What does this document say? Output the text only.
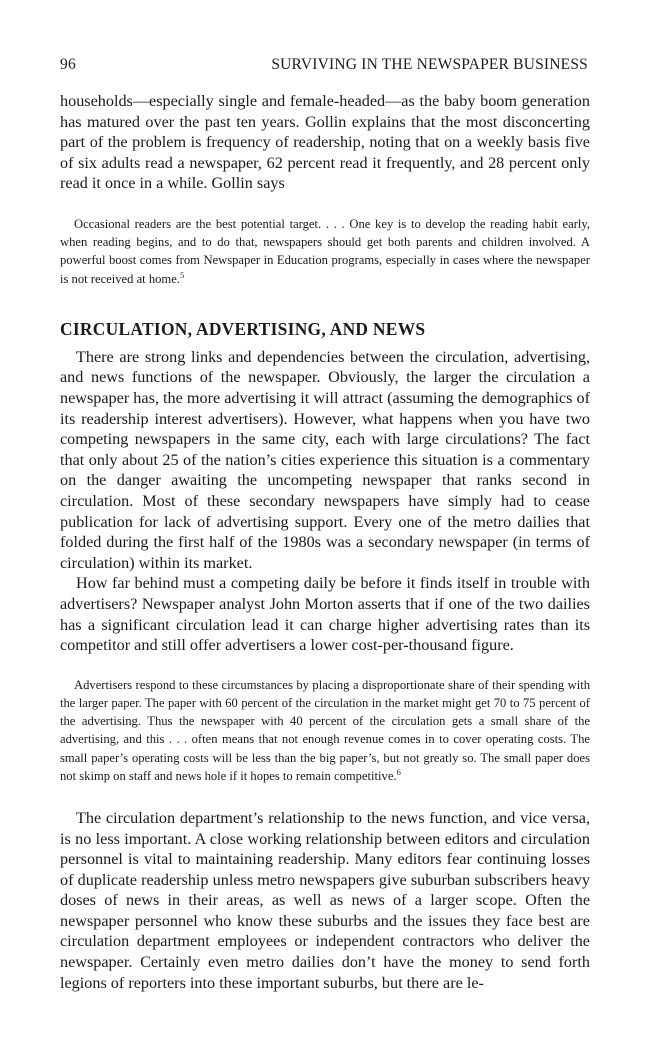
96	SURVIVING IN THE NEWSPAPER BUSINESS

households—especially single and female-headed—as the baby boom generation has matured over the past ten years. Gollin explains that the most disconcerting part of the problem is frequency of readership, noting that on a weekly basis five of six adults read a newspaper, 62 percent read it frequently, and 28 percent only read it once in a while. Gollin says

Occasional readers are the best potential target. . . . One key is to develop the reading habit early, when reading begins, and to do that, newspapers should get both parents and children involved. A powerful boost comes from Newspaper in Education programs, especially in cases where the newspaper is not received at home.$^5$

CIRCULATION, ADVERTISING, AND NEWS

There are strong links and dependencies between the circulation, advertising, and news functions of the newspaper. Obviously, the larger the circulation a newspaper has, the more advertising it will attract (assuming the demographics of its readership interest advertisers). However, what happens when you have two competing newspapers in the same city, each with large circulations? The fact that only about 25 of the nation’s cities experience this situation is a commentary on the danger awaiting the uncompeting newspaper that ranks second in circulation. Most of these secondary newspapers have simply had to cease publication for lack of advertising support. Every one of the metro dailies that folded during the first half of the 1980s was a secondary newspaper (in terms of circulation) within its market.

How far behind must a competing daily be before it finds itself in trouble with advertisers? Newspaper analyst John Morton asserts that if one of the two dailies has a significant circulation lead it can charge higher advertising rates than its competitor and still offer advertisers a lower cost-per-thousand figure.

Advertisers respond to these circumstances by placing a disproportionate share of their spending with the larger paper. The paper with 60 percent of the circulation in the market might get 70 to 75 percent of the advertising. Thus the newspaper with 40 percent of the circulation gets a small share of the advertising, and this . . . often means that not enough revenue comes in to cover operating costs. The small paper’s operating costs will be less than the big paper’s, but not greatly so. The small paper does not skimp on staff and news hole if it hopes to remain competitive.$^6$

The circulation department’s relationship to the news function, and vice versa, is no less important. A close working relationship between editors and circulation personnel is vital to maintaining readership. Many editors fear continuing losses of duplicate readership unless metro newspapers give suburban subscribers heavy doses of news in their areas, as well as news of a larger scope. Often the newspaper personnel who know these suburbs and the issues they face best are circulation department employees or independent contractors who deliver the newspaper. Certainly even metro dailies don’t have the money to send forth legions of reporters into these important suburbs, but there are le-
